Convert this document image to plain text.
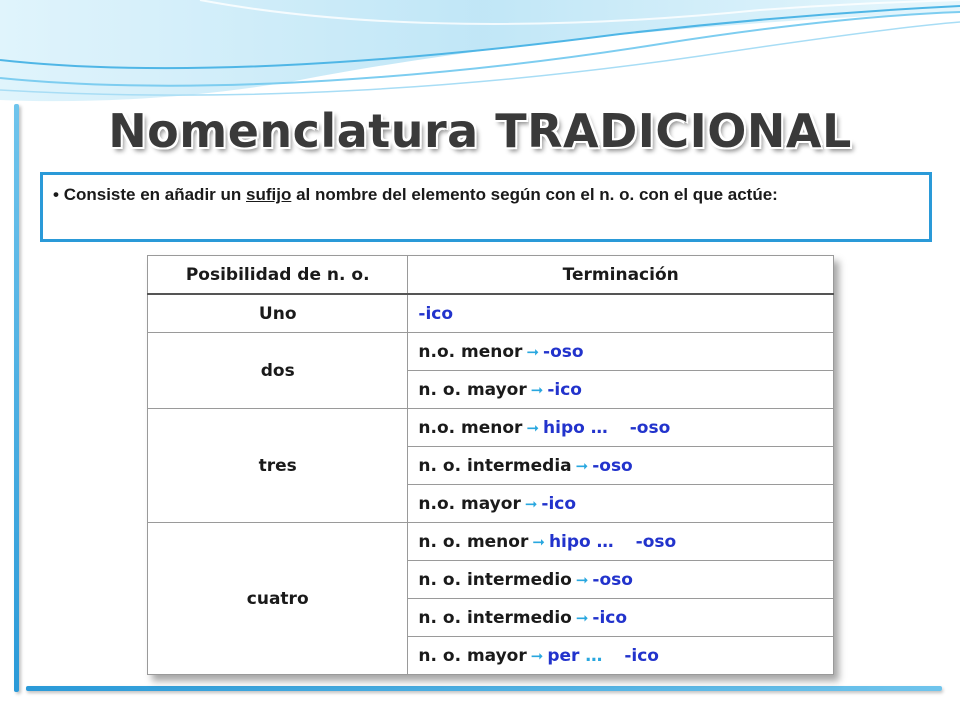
Nomenclatura TRADICIONAL
• Consiste en añadir un sufijo al nombre del elemento según con el n. o. con el que actúe:
Posibilidad de n. o.	Terminación
Uno	-ico
dos	n.o. menor ➞ -oso
	n. o. mayor ➞ -ico
tres	n.o. menor ➞ hipo … -oso
	n. o. intermedia ➞ -oso
	n.o. mayor ➞ -ico
cuatro	n. o. menor ➞ hipo … -oso
	n. o. intermedio ➞ -oso
	n. o. intermedio ➞ -ico
	n. o. mayor ➞ per … -ico
